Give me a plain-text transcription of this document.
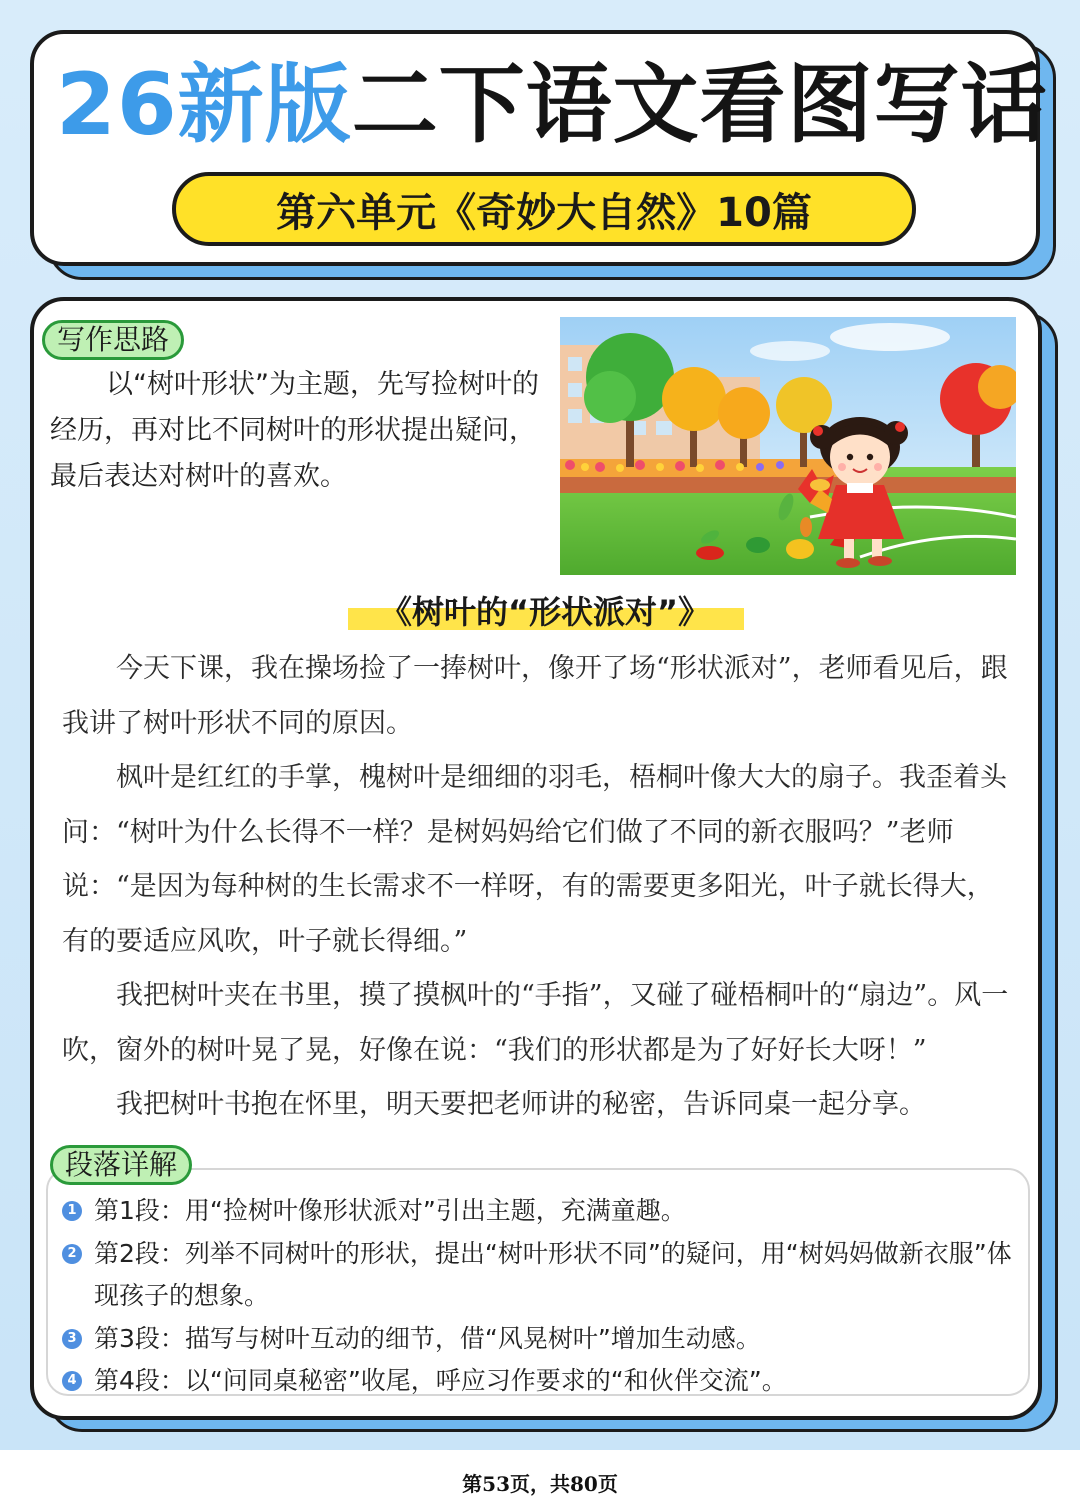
26新版二下语文看图写话
第六单元《奇妙大自然》10篇
写作思路
以“树叶形状”为主题，先写捡树叶的经历，再对比不同树叶的形状提出疑问，最后表达对树叶的喜欢。
《树叶的“形状派对”》

今天下课，我在操场捡了一捧树叶，像开了场“形状派对”，老师看见后，跟我讲了树叶形状不同的原因。

枫叶是红红的手掌，槐树叶是细细的羽毛，梧桐叶像大大的扇子。我歪着头问：“树叶为什么长得不一样？是树妈妈给它们做了不同的新衣服吗？”老师说：“是因为每种树的生长需求不一样呀，有的需要更多阳光，叶子就长得大，有的要适应风吹，叶子就长得细。”

我把树叶夹在书里，摸了摸枫叶的“手指”，又碰了碰梧桐叶的“扇边”。风一吹，窗外的树叶晃了晃，好像在说：“我们的形状都是为了好好长大呀！”

我把树叶书抱在怀里，明天要把老师讲的秘密，告诉同桌一起分享。

段落详解
1 第1段：用“捡树叶像形状派对”引出主题，充满童趣。
2 第2段：列举不同树叶的形状，提出“树叶形状不同”的疑问，用“树妈妈做新衣服”体现孩子的想象。
3 第3段：描写与树叶互动的细节，借“风晃树叶”增加生动感。
4 第4段：以“问同桌秘密”收尾，呼应习作要求的“和伙伴交流”。
第53页，共80页
